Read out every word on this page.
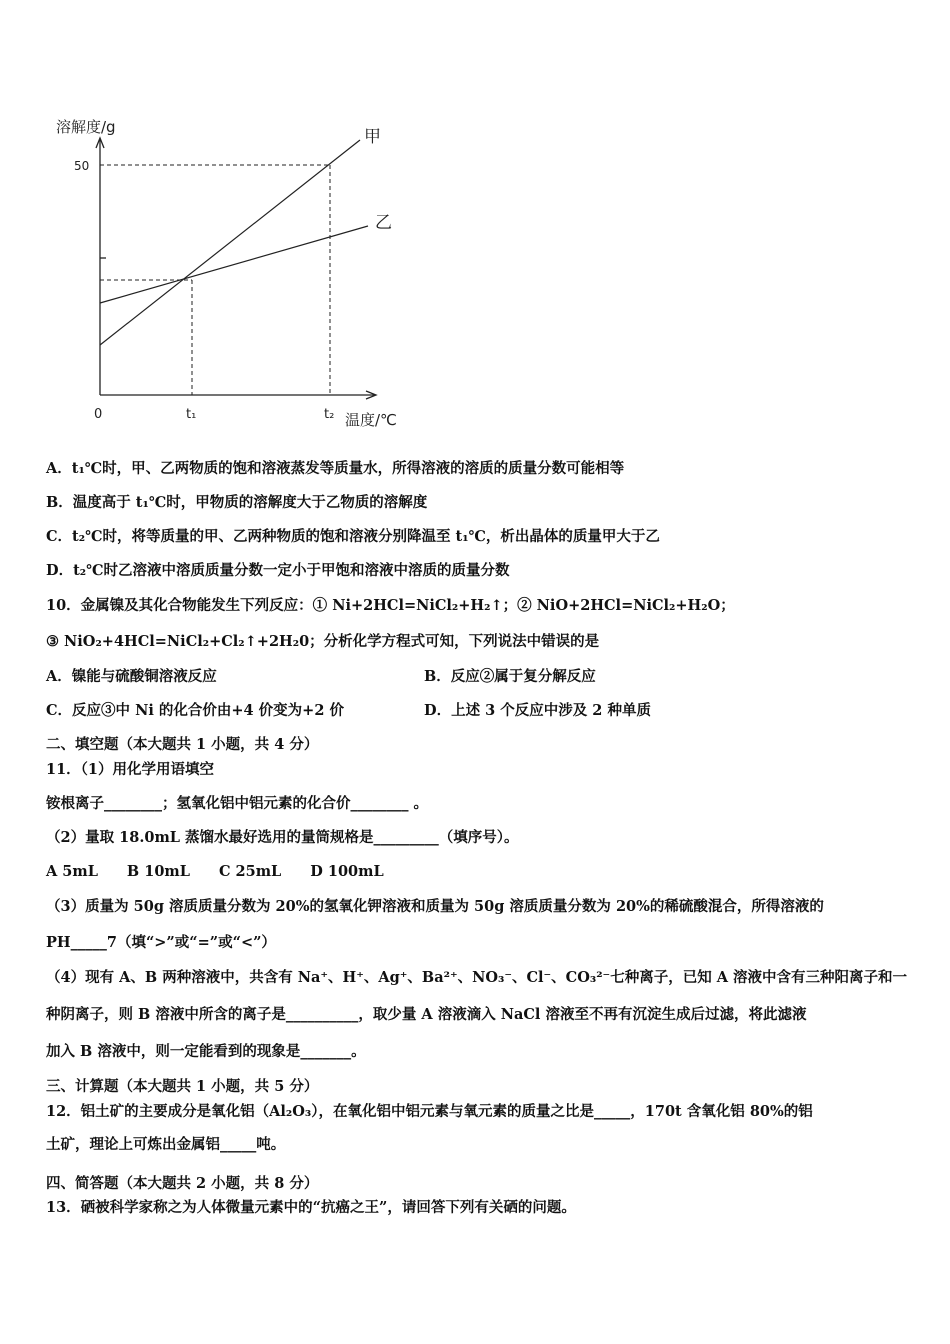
溶解度/g
50
0	t₁	t₂ 温度/℃
甲
乙
A．t₁℃时，甲、乙两物质的饱和溶液蒸发等质量水，所得溶液的溶质的质量分数可能相等
B．温度高于 t₁℃时，甲物质的溶解度大于乙物质的溶解度
C．t₂℃时，将等质量的甲、乙两种物质的饱和溶液分别降温至 t₁℃，析出晶体的质量甲大于乙
D．t₂℃时乙溶液中溶质质量分数一定小于甲饱和溶液中溶质的质量分数
10．金属镍及其化合物能发生下列反应：① Ni+2HCl=NiCl₂+H₂↑；② NiO+2HCl=NiCl₂+H₂O；
③ NiO₂+4HCl=NiCl₂+Cl₂↑+2H₂0；分析化学方程式可知，下列说法中错误的是
A．镍能与硫酸铜溶液反应	B．反应②属于复分解反应
C．反应③中 Ni 的化合价由+4 价变为+2 价	D．上述 3 个反应中涉及 2 种单质
二、填空题（本大题共 1 小题，共 4 分）
11．（1）用化学用语填空
铵根离子________；氢氧化铝中铝元素的化合价________ 。
（2）量取 18.0mL 蒸馏水最好选用的量筒规格是_________（填序号）。
A 5mL　　B 10mL　　C 25mL　　D 100mL
（3）质量为 50g 溶质质量分数为 20%的氢氧化钾溶液和质量为 50g 溶质质量分数为 20%的稀硫酸混合，所得溶液的
PH_____7（填“>”或“=”或“<”）
（4）现有 A、B 两种溶液中，共含有 Na⁺、H⁺、Ag⁺、Ba²⁺、NO₃⁻、Cl⁻、CO₃²⁻七种离子，已知 A 溶液中含有三种阳离子和一
种阴离子，则 B 溶液中所含的离子是__________，取少量 A 溶液滴入 NaCl 溶液至不再有沉淀生成后过滤，将此滤液
加入 B 溶液中，则一定能看到的现象是_______。
三、计算题（本大题共 1 小题，共 5 分）
12．铝土矿的主要成分是氧化铝（Al₂O₃），在氧化铝中铝元素与氧元素的质量之比是_____，170t 含氧化铝 80%的铝
土矿，理论上可炼出金属铝_____吨。
四、简答题（本大题共 2 小题，共 8 分）
13．硒被科学家称之为人体微量元素中的“抗癌之王”，请回答下列有关硒的问题。
